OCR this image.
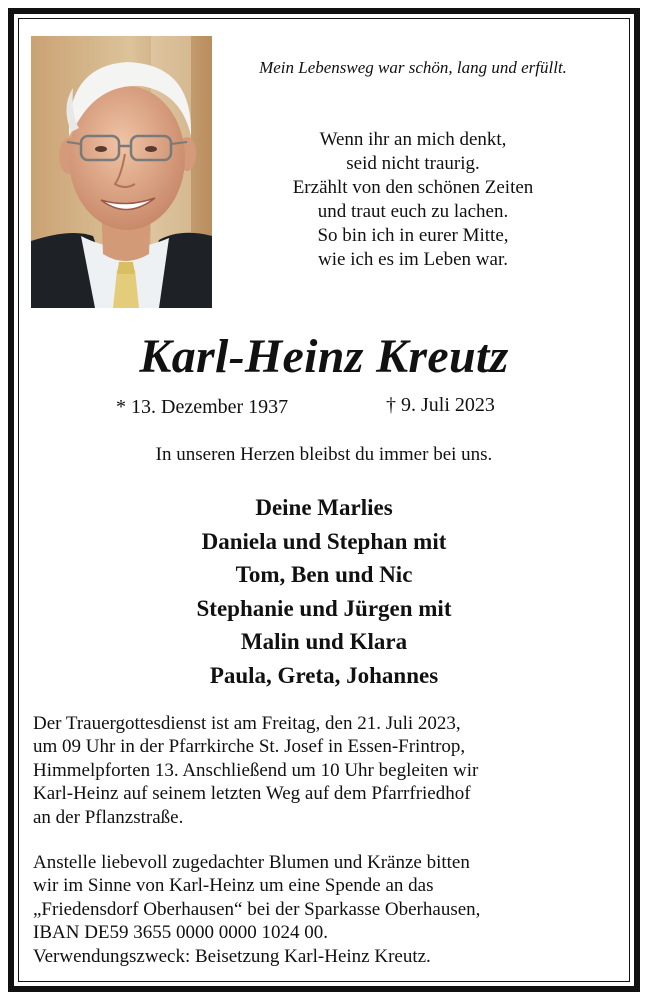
Mein Lebensweg war schön, lang und erfüllt.
Wenn ihr an mich denkt,
seid nicht traurig.
Erzählt von den schönen Zeiten
und traut euch zu lachen.
So bin ich in eurer Mitte,
wie ich es im Leben war.
Karl-Heinz Kreutz
* 13. Dezember 1937	† 9. Juli 2023
In unseren Herzen bleibst du immer bei uns.
Deine Marlies
Daniela und Stephan mit
Tom, Ben und Nic
Stephanie und Jürgen mit
Malin und Klara
Paula, Greta, Johannes
Der Trauergottesdienst ist am Freitag, den 21. Juli 2023,
um 09 Uhr in der Pfarrkirche St. Josef in Essen-Frintrop,
Himmelpforten 13. Anschließend um 10 Uhr begleiten wir
Karl-Heinz auf seinem letzten Weg auf dem Pfarrfriedhof
an der Pflanzstraße.
Anstelle liebevoll zugedachter Blumen und Kränze bitten
wir im Sinne von Karl-Heinz um eine Spende an das
„Friedensdorf Oberhausen“ bei der Sparkasse Oberhausen,
IBAN DE59 3655 0000 0000 1024 00.
Verwendungszweck: Beisetzung Karl-Heinz Kreutz.
